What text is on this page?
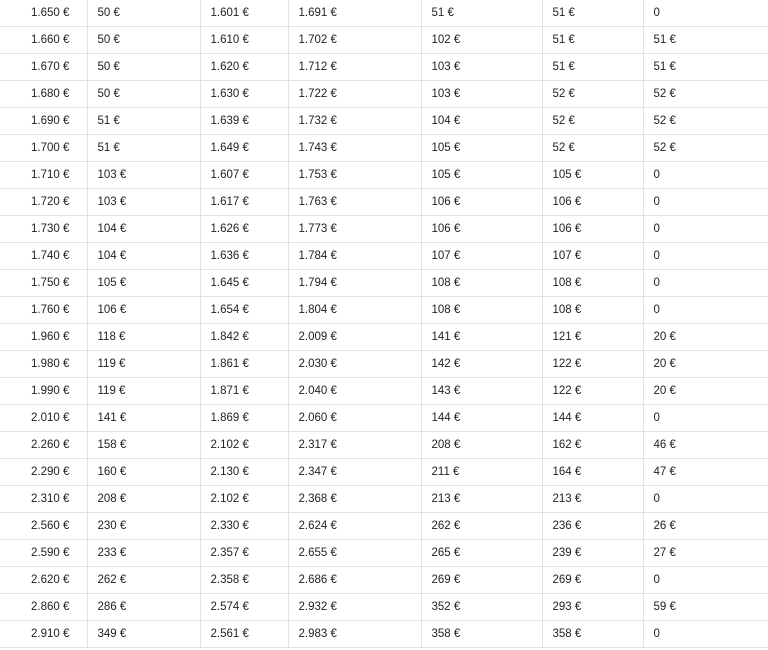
1.650 €	50 €	1.601 €	1.691 €	51 €	51 €	0
1.660 €	50 €	1.610 €	1.702 €	102 €	51 €	51 €
1.670 €	50 €	1.620 €	1.712 €	103 €	51 €	51 €
1.680 €	50 €	1.630 €	1.722 €	103 €	52 €	52 €
1.690 €	51 €	1.639 €	1.732 €	104 €	52 €	52 €
1.700 €	51 €	1.649 €	1.743 €	105 €	52 €	52 €
1.710 €	103 €	1.607 €	1.753 €	105 €	105 €	0
1.720 €	103 €	1.617 €	1.763 €	106 €	106 €	0
1.730 €	104 €	1.626 €	1.773 €	106 €	106 €	0
1.740 €	104 €	1.636 €	1.784 €	107 €	107 €	0
1.750 €	105 €	1.645 €	1.794 €	108 €	108 €	0
1.760 €	106 €	1.654 €	1.804 €	108 €	108 €	0
1.960 €	118 €	1.842 €	2.009 €	141 €	121 €	20 €
1.980 €	119 €	1.861 €	2.030 €	142 €	122 €	20 €
1.990 €	119 €	1.871 €	2.040 €	143 €	122 €	20 €
2.010 €	141 €	1.869 €	2.060 €	144 €	144 €	0
2.260 €	158 €	2.102 €	2.317 €	208 €	162 €	46 €
2.290 €	160 €	2.130 €	2.347 €	211 €	164 €	47 €
2.310 €	208 €	2.102 €	2.368 €	213 €	213 €	0
2.560 €	230 €	2.330 €	2.624 €	262 €	236 €	26 €
2.590 €	233 €	2.357 €	2.655 €	265 €	239 €	27 €
2.620 €	262 €	2.358 €	2.686 €	269 €	269 €	0
2.860 €	286 €	2.574 €	2.932 €	352 €	293 €	59 €
2.910 €	349 €	2.561 €	2.983 €	358 €	358 €	0
